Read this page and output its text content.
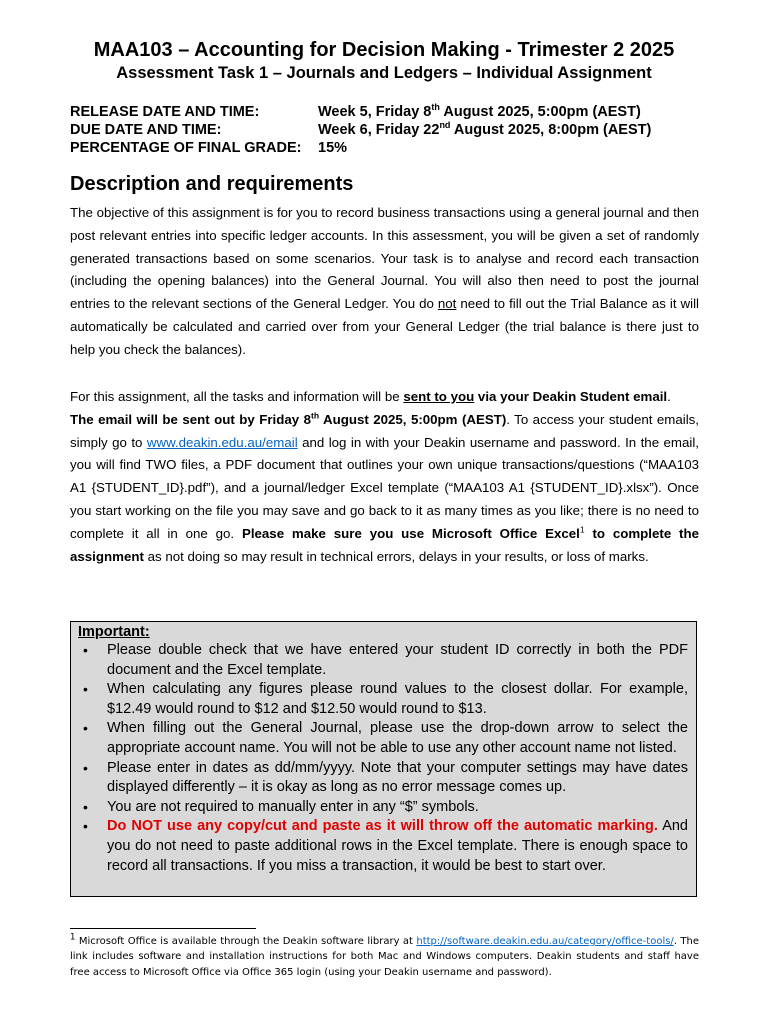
MAA103 – Accounting for Decision Making - Trimester 2 2025
Assessment Task 1 – Journals and Ledgers – Individual Assignment
RELEASE DATE AND TIME:	Week 5, Friday 8th August 2025, 5:00pm (AEST)
DUE DATE AND TIME:	Week 6, Friday 22nd August 2025, 8:00pm (AEST)
PERCENTAGE OF FINAL GRADE:	15%
Description and requirements
The objective of this assignment is for you to record business transactions using a general journal and then post relevant entries into specific ledger accounts. In this assessment, you will be given a set of randomly generated transactions based on some scenarios. Your task is to analyse and record each transaction (including the opening balances) into the General Journal. You will also then need to post the journal entries to the relevant sections of the General Ledger. You do not need to fill out the Trial Balance as it will automatically be calculated and carried over from your General Ledger (the trial balance is there just to help you check the balances).
For this assignment, all the tasks and information will be sent to you via your Deakin Student email.
The email will be sent out by Friday 8th August 2025, 5:00pm (AEST). To access your student emails, simply go to www.deakin.edu.au/email and log in with your Deakin username and password. In the email, you will find TWO files, a PDF document that outlines your own unique transactions/questions (“MAA103 A1 {STUDENT_ID}.pdf”), and a journal/ledger Excel template (“MAA103 A1 {STUDENT_ID}.xlsx”). Once you start working on the file you may save and go back to it as many times as you like; there is no need to complete it all in one go. Please make sure you use Microsoft Office Excel$^1$ to complete the assignment as not doing so may result in technical errors, delays in your results, or loss of marks.
Important:
• Please double check that we have entered your student ID correctly in both the PDF document and the Excel template.
• When calculating any figures please round values to the closest dollar. For example, $12.49 would round to $12 and $12.50 would round to $13.
• When filling out the General Journal, please use the drop-down arrow to select the appropriate account name. You will not be able to use any other account name not listed.
• Please enter in dates as dd/mm/yyyy. Note that your computer settings may have dates displayed differently – it is okay as long as no error message comes up.
• You are not required to manually enter in any “$” symbols.
• Do NOT use any copy/cut and paste as it will throw off the automatic marking. And you do not need to paste additional rows in the Excel template. There is enough space to record all transactions. If you miss a transaction, it would be best to start over.
$^1$ Microsoft Office is available through the Deakin software library at http://software.deakin.edu.au/category/office-tools/. The link includes software and installation instructions for both Mac and Windows computers. Deakin students and staff have free access to Microsoft Office via Office 365 login (using your Deakin username and password).
